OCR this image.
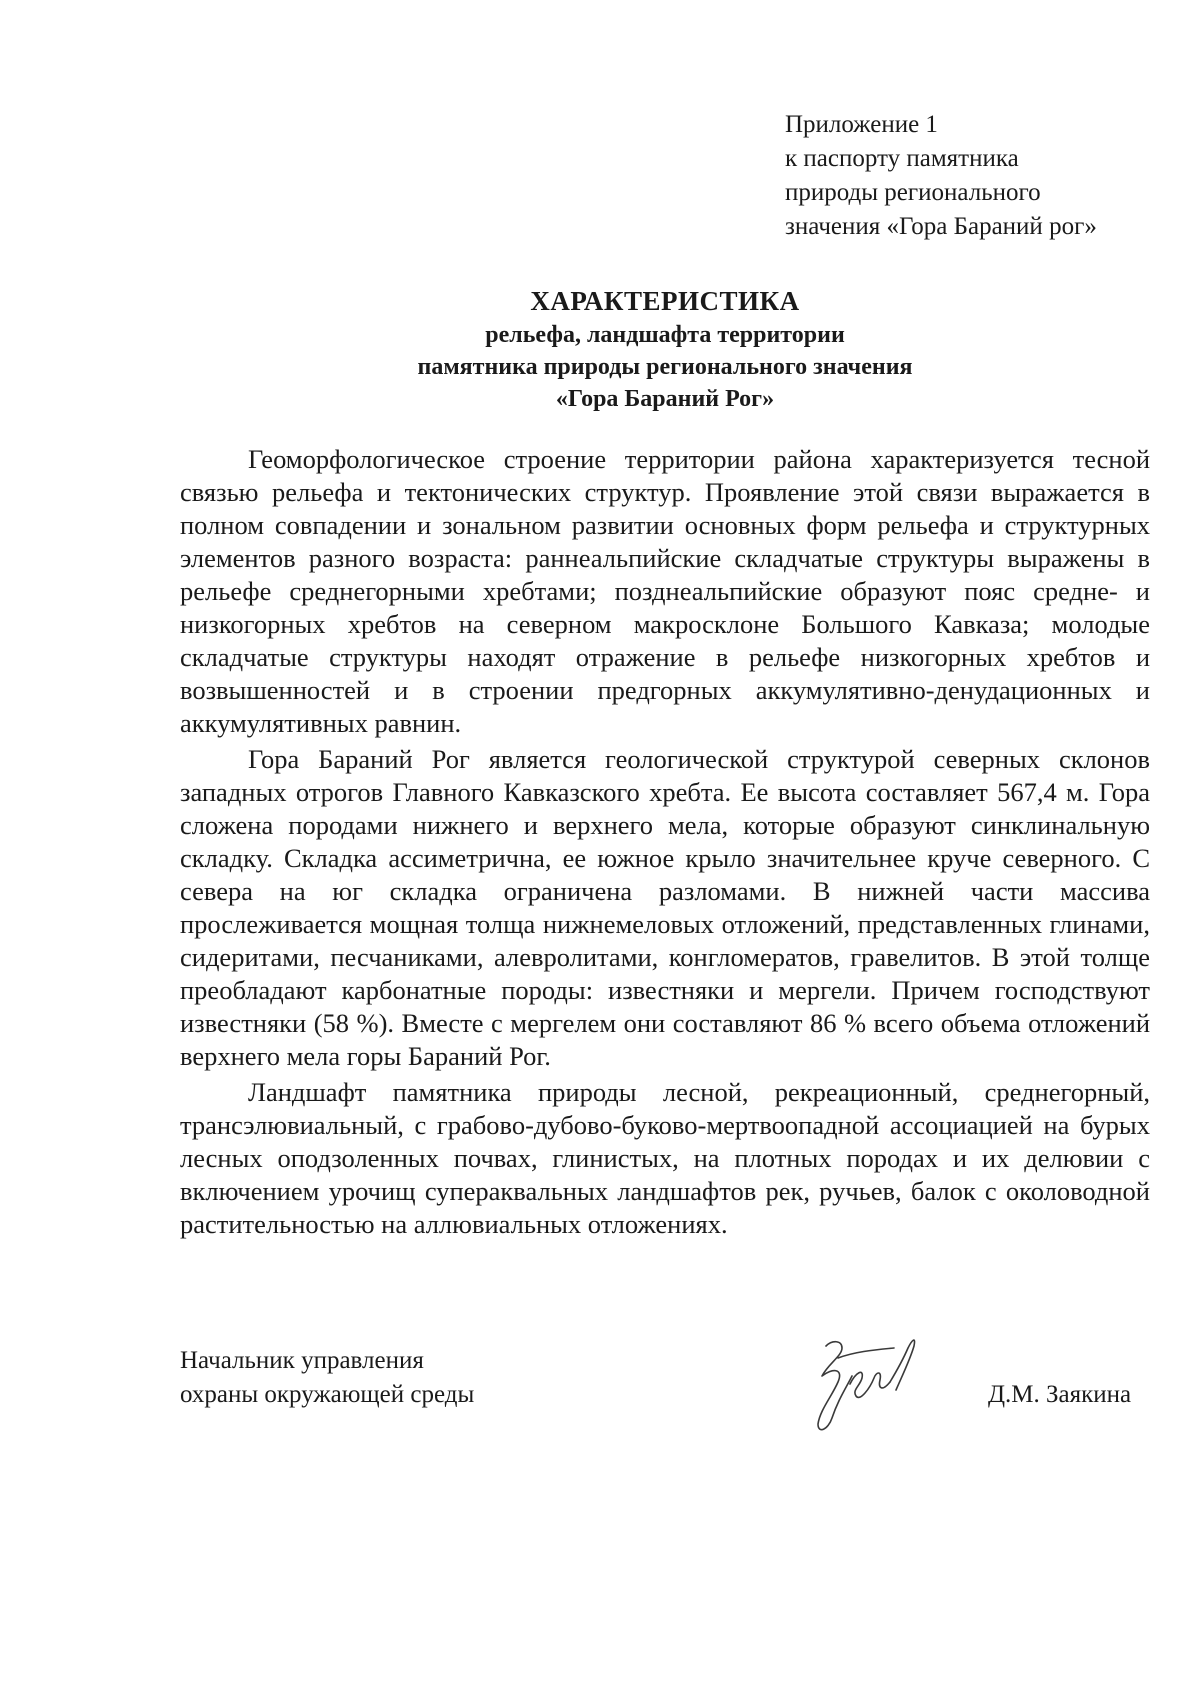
Приложение 1
к паспорту памятника
природы регионального
значения «Гора Бараний рог»
ХАРАКТЕРИСТИКА
рельефа, ландшафта территории
памятника природы регионального значения
«Гора Бараний Рог»

Геоморфологическое строение территории района характеризуется тесной связью рельефа и тектонических структур. Проявление этой связи выражается в полном совпадении и зональном развитии основных форм рельефа и структурных элементов разного возраста: раннеальпийские складчатые структуры выражены в рельефе среднегорными хребтами; позднеальпийские образуют пояс средне- и низкогорных хребтов на северном макросклоне Большого Кавказа; молодые складчатые структуры находят отражение в рельефе низкогорных хребтов и возвышенностей и в строении предгорных аккумулятивно-денудационных и аккумулятивных равнин.

Гора Бараний Рог является геологической структурой северных склонов западных отрогов Главного Кавказского хребта. Ее высота составляет 567,4 м. Гора сложена породами нижнего и верхнего мела, которые образуют синклинальную складку. Складка ассиметрична, ее южное крыло значительнее круче северного. С севера на юг складка ограничена разломами. В нижней части массива прослеживается мощная толща нижнемеловых отложений, представленных глинами, сидеритами, песчаниками, алевролитами, конгломератов, гравелитов. В этой толще преобладают карбонатные породы: известняки и мергели. Причем господствуют известняки (58 %). Вместе с мергелем они составляют 86 % всего объема отложений верхнего мела горы Бараний Рог.

Ландшафт памятника природы лесной, рекреационный, среднегорный, трансэлювиальный, с грабово-дубово-буково-мертвоопадной ассоциацией на бурых лесных оподзоленных почвах, глинистых, на плотных породах и их делювии с включением урочищ супераквальных ландшафтов рек, ручьев, балок с околоводной растительностью на аллювиальных отложениях.

Начальник управления
охраны окружающей среды	Д.М. Заякина
